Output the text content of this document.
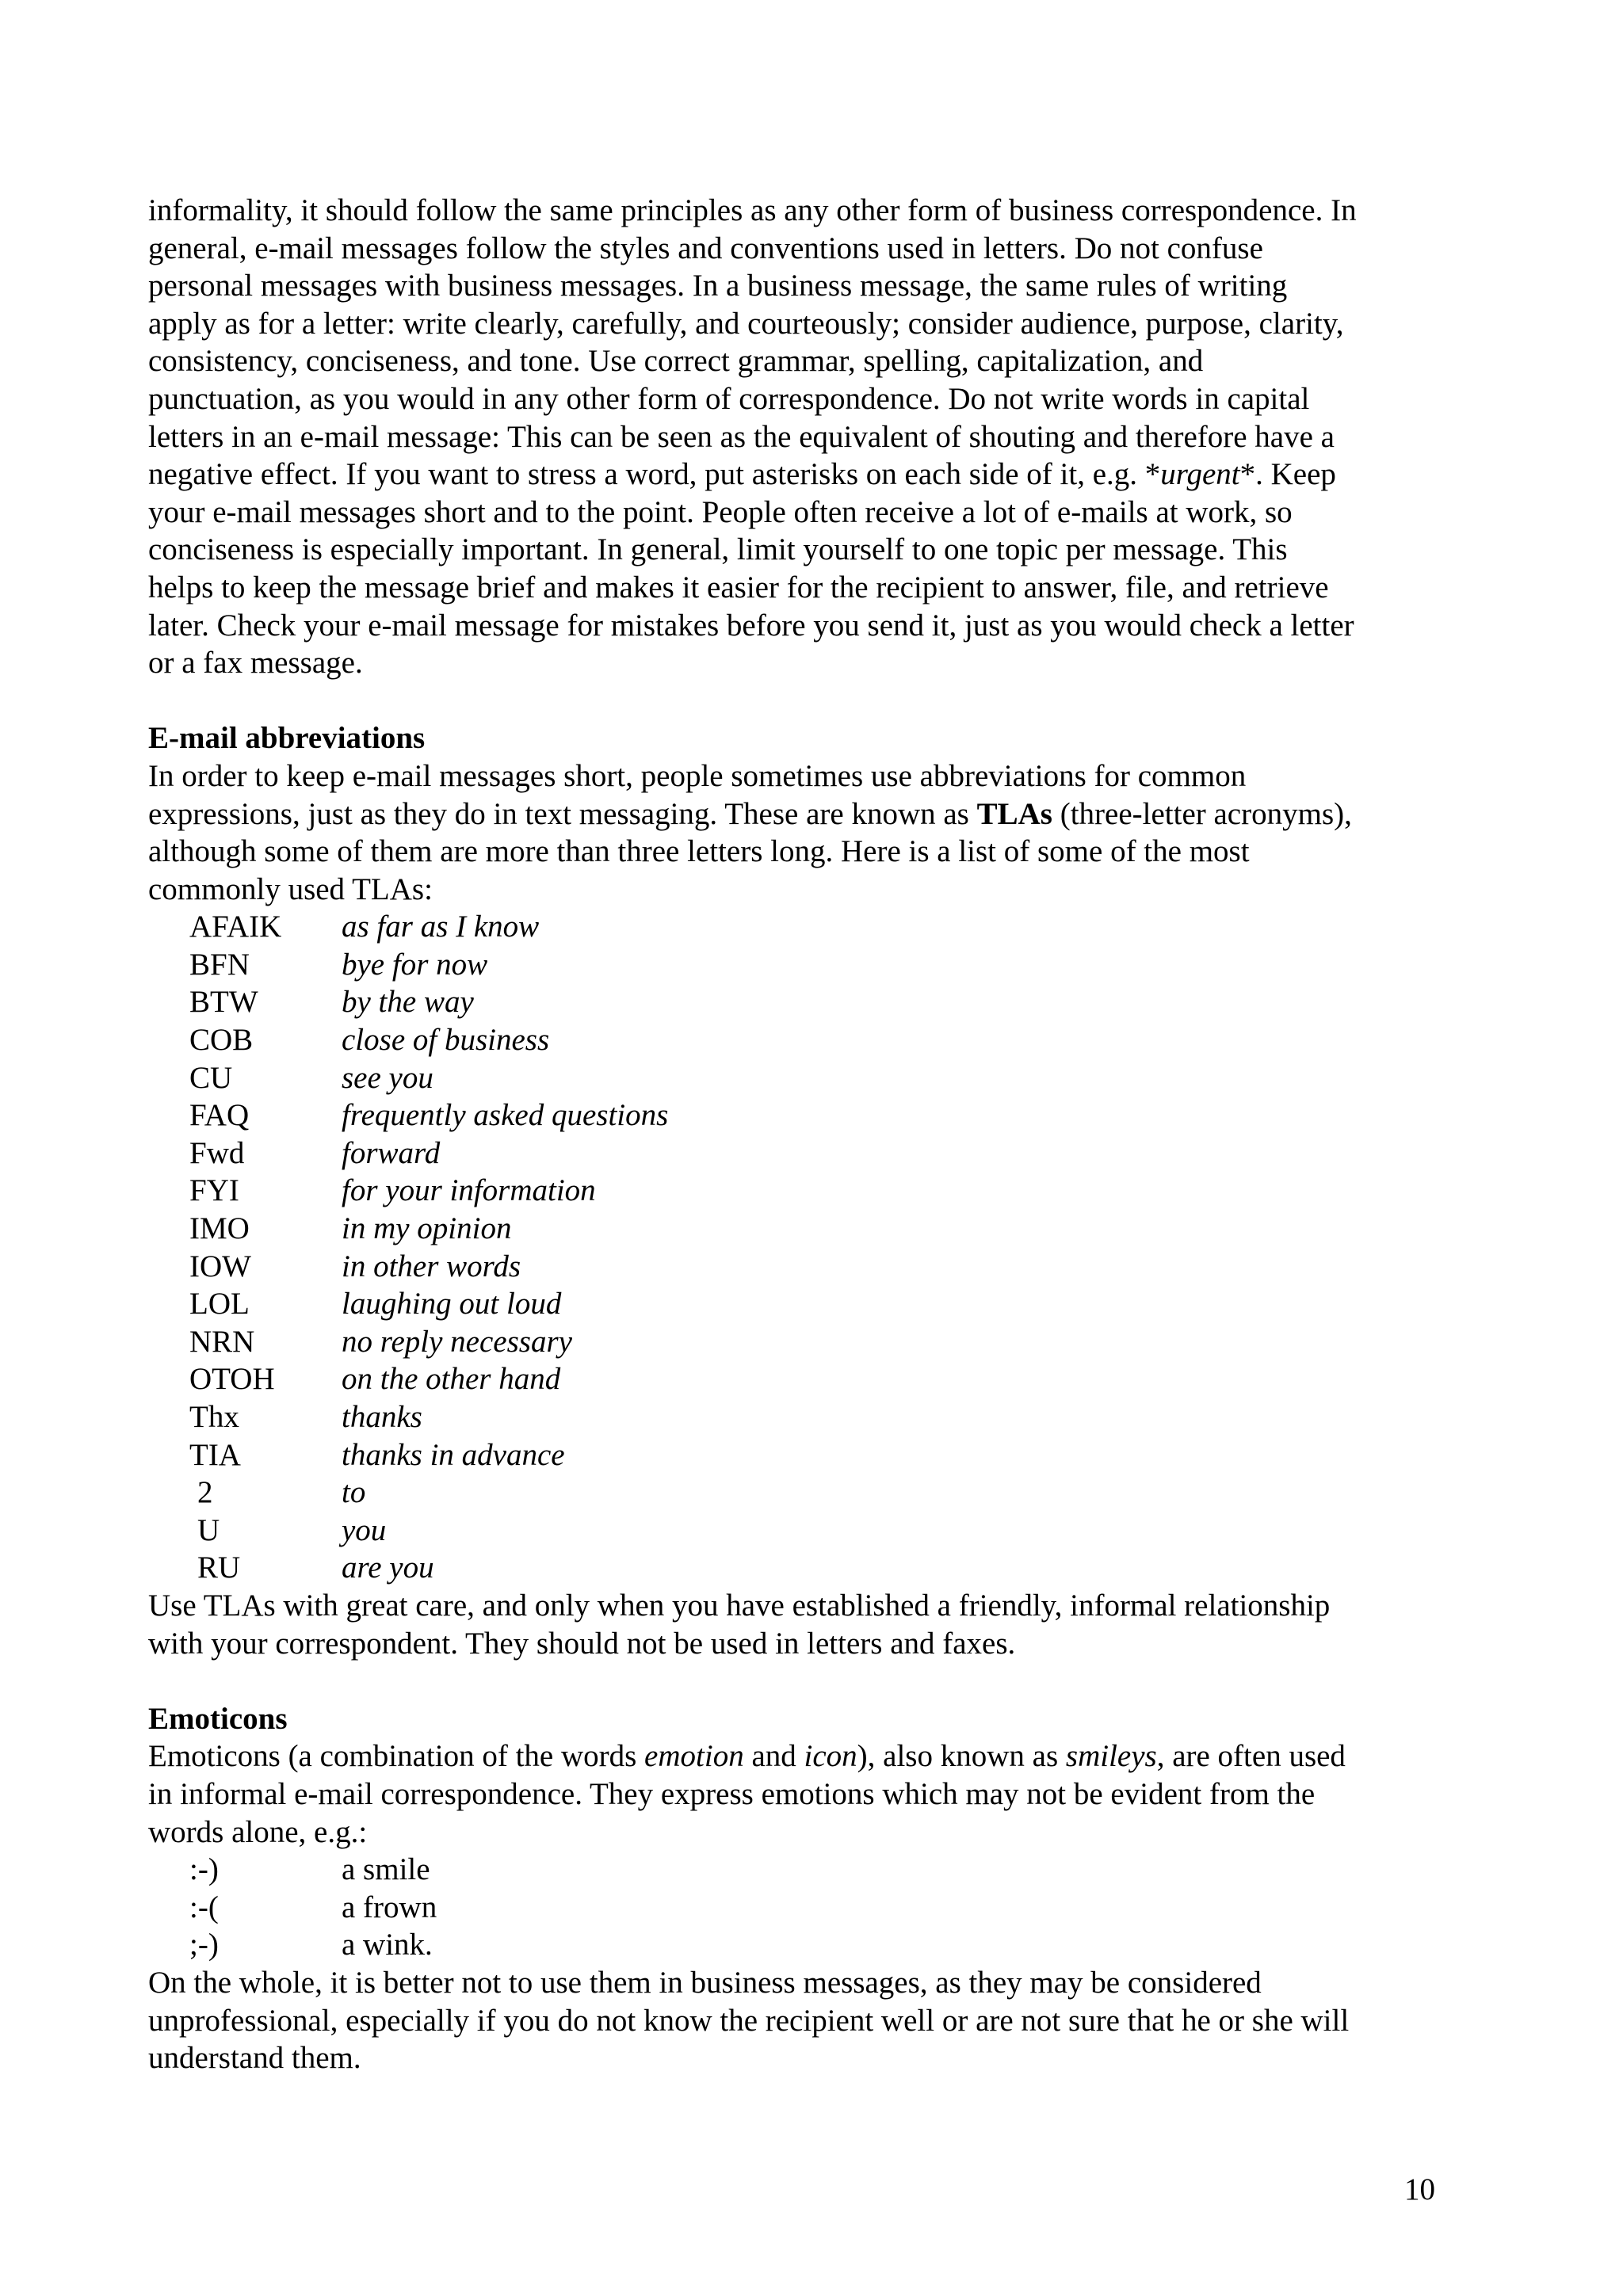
informality, it should follow the same principles as any other form of business correspondence. In

general, e-mail messages follow the styles and conventions used in letters. Do not confuse

personal messages with business messages. In a business message, the same rules of writing

apply as for a letter: write clearly, carefully, and courteously; consider audience, purpose, clarity,

consistency, conciseness, and tone. Use correct grammar, spelling, capitalization, and

punctuation, as you would in any other form of correspondence. Do not write words in capital

letters in an e-mail message: This can be seen as the equivalent of shouting and therefore have a

negative effect. If you want to stress a word, put asterisks on each side of it, e.g. *urgent*. Keep

your e-mail messages short and to the point. People often receive a lot of e-mails at work, so

conciseness is especially important. In general, limit yourself to one topic per message. This

helps to keep the message brief and makes it easier for the recipient to answer, file, and retrieve

later. Check your e-mail message for mistakes before you send it, just as you would check a letter

or a fax message.

E-mail abbreviations

In order to keep e-mail messages short, people sometimes use abbreviations for common

expressions, just as they do in text messaging. These are known as TLAs (three-letter acronyms),

although some of them are more than three letters long. Here is a list of some of the most

commonly used TLAs:

AFAIK	as far as I know
BFN	bye for now
BTW	by the way
COB	close of business
CU	see you
FAQ	frequently asked questions
Fwd	forward
FYI	for your information
IMO	in my opinion
IOW	in other words
LOL	laughing out loud
NRN	no reply necessary
OTOH	on the other hand
Thx	thanks
TIA	thanks in advance
2	to
U	you
RU	are you

Use TLAs with great care, and only when you have established a friendly, informal relationship

with your correspondent. They should not be used in letters and faxes.

Emoticons

Emoticons (a combination of the words emotion and icon), also known as smileys, are often used

in informal e-mail correspondence. They express emotions which may not be evident from the

words alone, e.g.:

:-)	a smile
:-(	a frown
;-)	a wink.

On the whole, it is better not to use them in business messages, as they may be considered

unprofessional, especially if you do not know the recipient well or are not sure that he or she will

understand them.

10
